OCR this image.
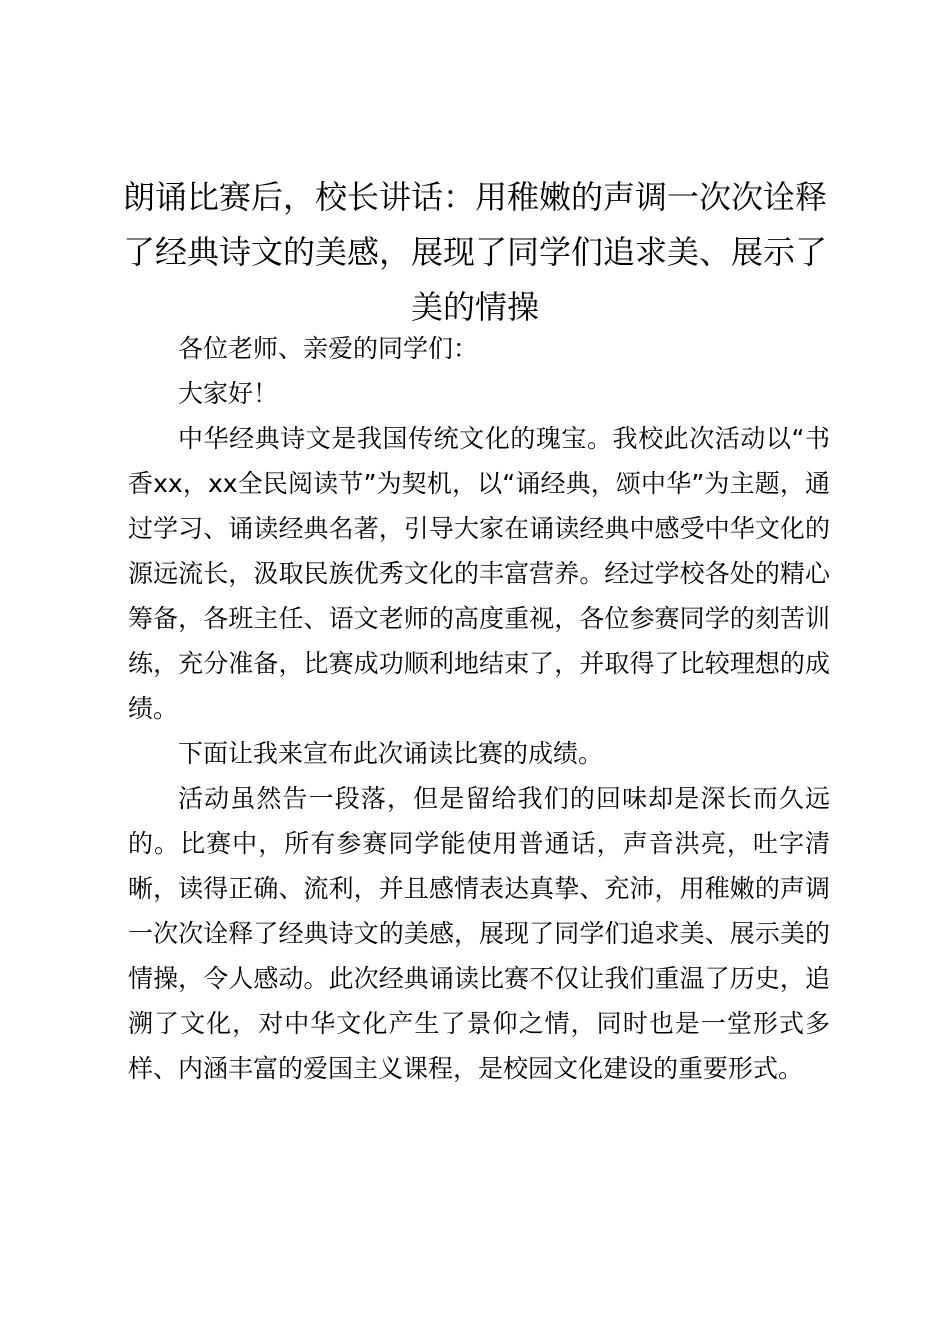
朗诵比赛后，校长讲话：用稚嫩的声调一次次诠释了经典诗文的美感，展现了同学们追求美、展示了美的情操

各位老师、亲爱的同学们：

大家好！

中华经典诗文是我国传统文化的瑰宝。我校此次活动以“书香xx，xx全民阅读节”为契机，以“诵经典，颂中华”为主题，通过学习、诵读经典名著，引导大家在诵读经典中感受中华文化的源远流长，汲取民族优秀文化的丰富营养。经过学校各处的精心筹备，各班主任、语文老师的高度重视，各位参赛同学的刻苦训练，充分准备，比赛成功顺利地结束了，并取得了比较理想的成绩。

下面让我来宣布此次诵读比赛的成绩。

活动虽然告一段落，但是留给我们的回味却是深长而久远的。比赛中，所有参赛同学能使用普通话，声音洪亮，吐字清晰，读得正确、流利，并且感情表达真挚、充沛，用稚嫩的声调一次次诠释了经典诗文的美感，展现了同学们追求美、展示美的情操，令人感动。此次经典诵读比赛不仅让我们重温了历史，追溯了文化，对中华文化产生了景仰之情，同时也是一堂形式多样、内涵丰富的爱国主义课程，是校园文化建设的重要形式。
